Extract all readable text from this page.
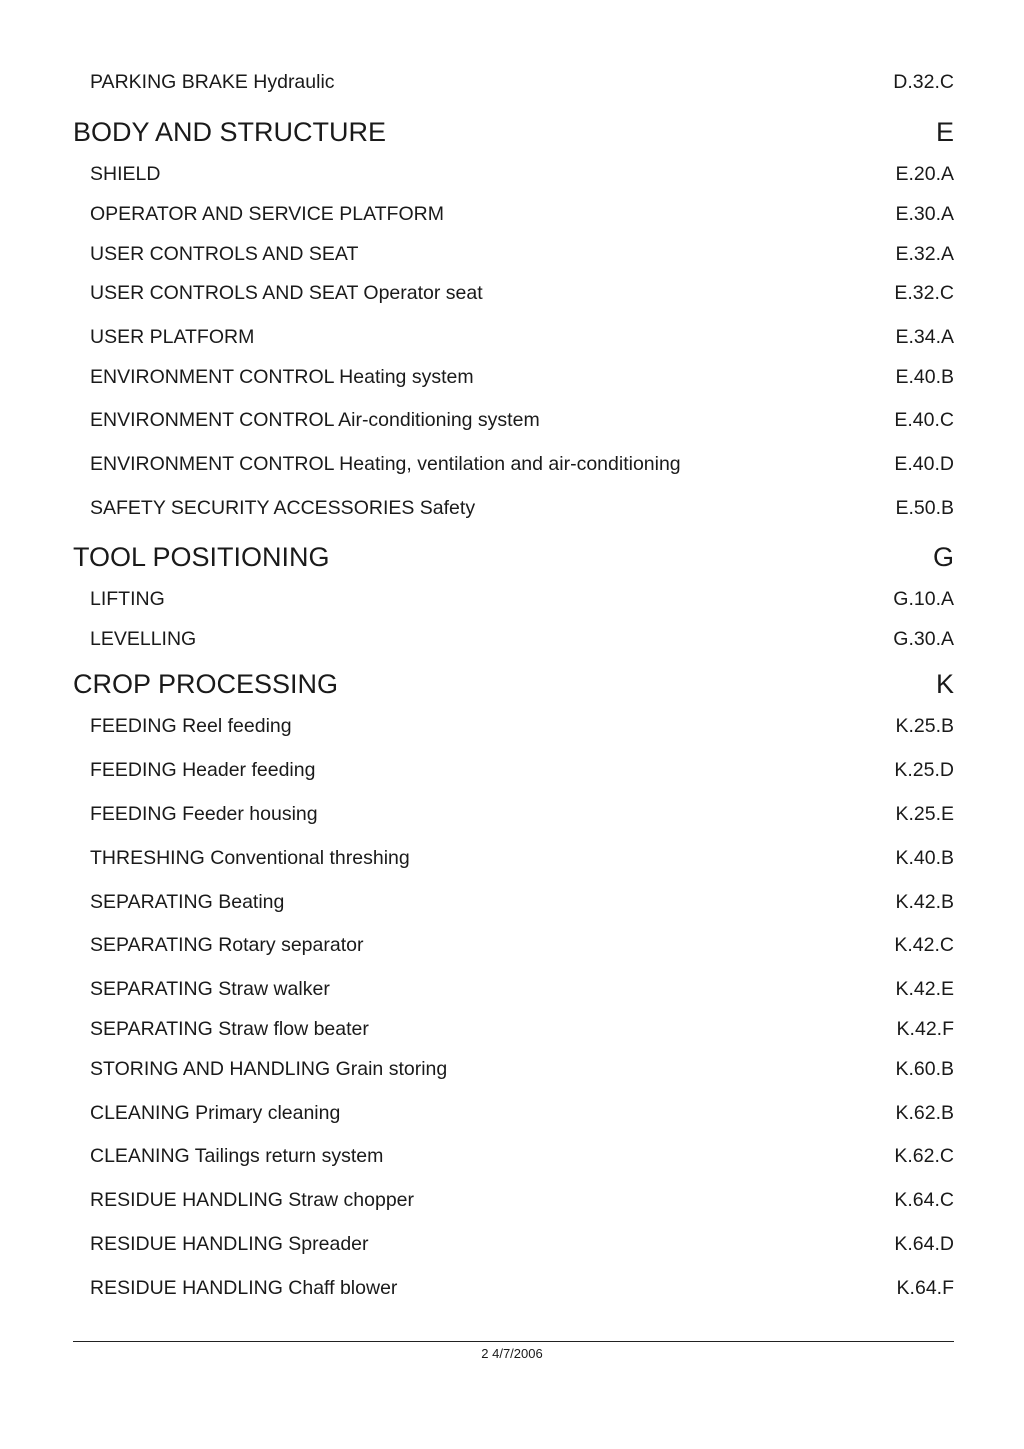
PARKING BRAKE Hydraulic	D.32.C
BODY AND STRUCTURE	E
SHIELD	E.20.A
OPERATOR AND SERVICE PLATFORM	E.30.A
USER CONTROLS AND SEAT	E.32.A
USER CONTROLS AND SEAT Operator seat	E.32.C
USER PLATFORM	E.34.A
ENVIRONMENT CONTROL Heating system	E.40.B
ENVIRONMENT CONTROL Air-conditioning system	E.40.C
ENVIRONMENT CONTROL Heating, ventilation and air-conditioning	E.40.D
SAFETY SECURITY ACCESSORIES Safety	E.50.B
TOOL POSITIONING	G
LIFTING	G.10.A
LEVELLING	G.30.A
CROP PROCESSING	K
FEEDING Reel feeding	K.25.B
FEEDING Header feeding	K.25.D
FEEDING Feeder housing	K.25.E
THRESHING Conventional threshing	K.40.B
SEPARATING Beating	K.42.B
SEPARATING Rotary separator	K.42.C
SEPARATING Straw walker	K.42.E
SEPARATING Straw flow beater	K.42.F
STORING AND HANDLING Grain storing	K.60.B
CLEANING Primary cleaning	K.62.B
CLEANING Tailings return system	K.62.C
RESIDUE HANDLING Straw chopper	K.64.C
RESIDUE HANDLING Spreader	K.64.D
RESIDUE HANDLING Chaff blower	K.64.F
2 4/7/2006
